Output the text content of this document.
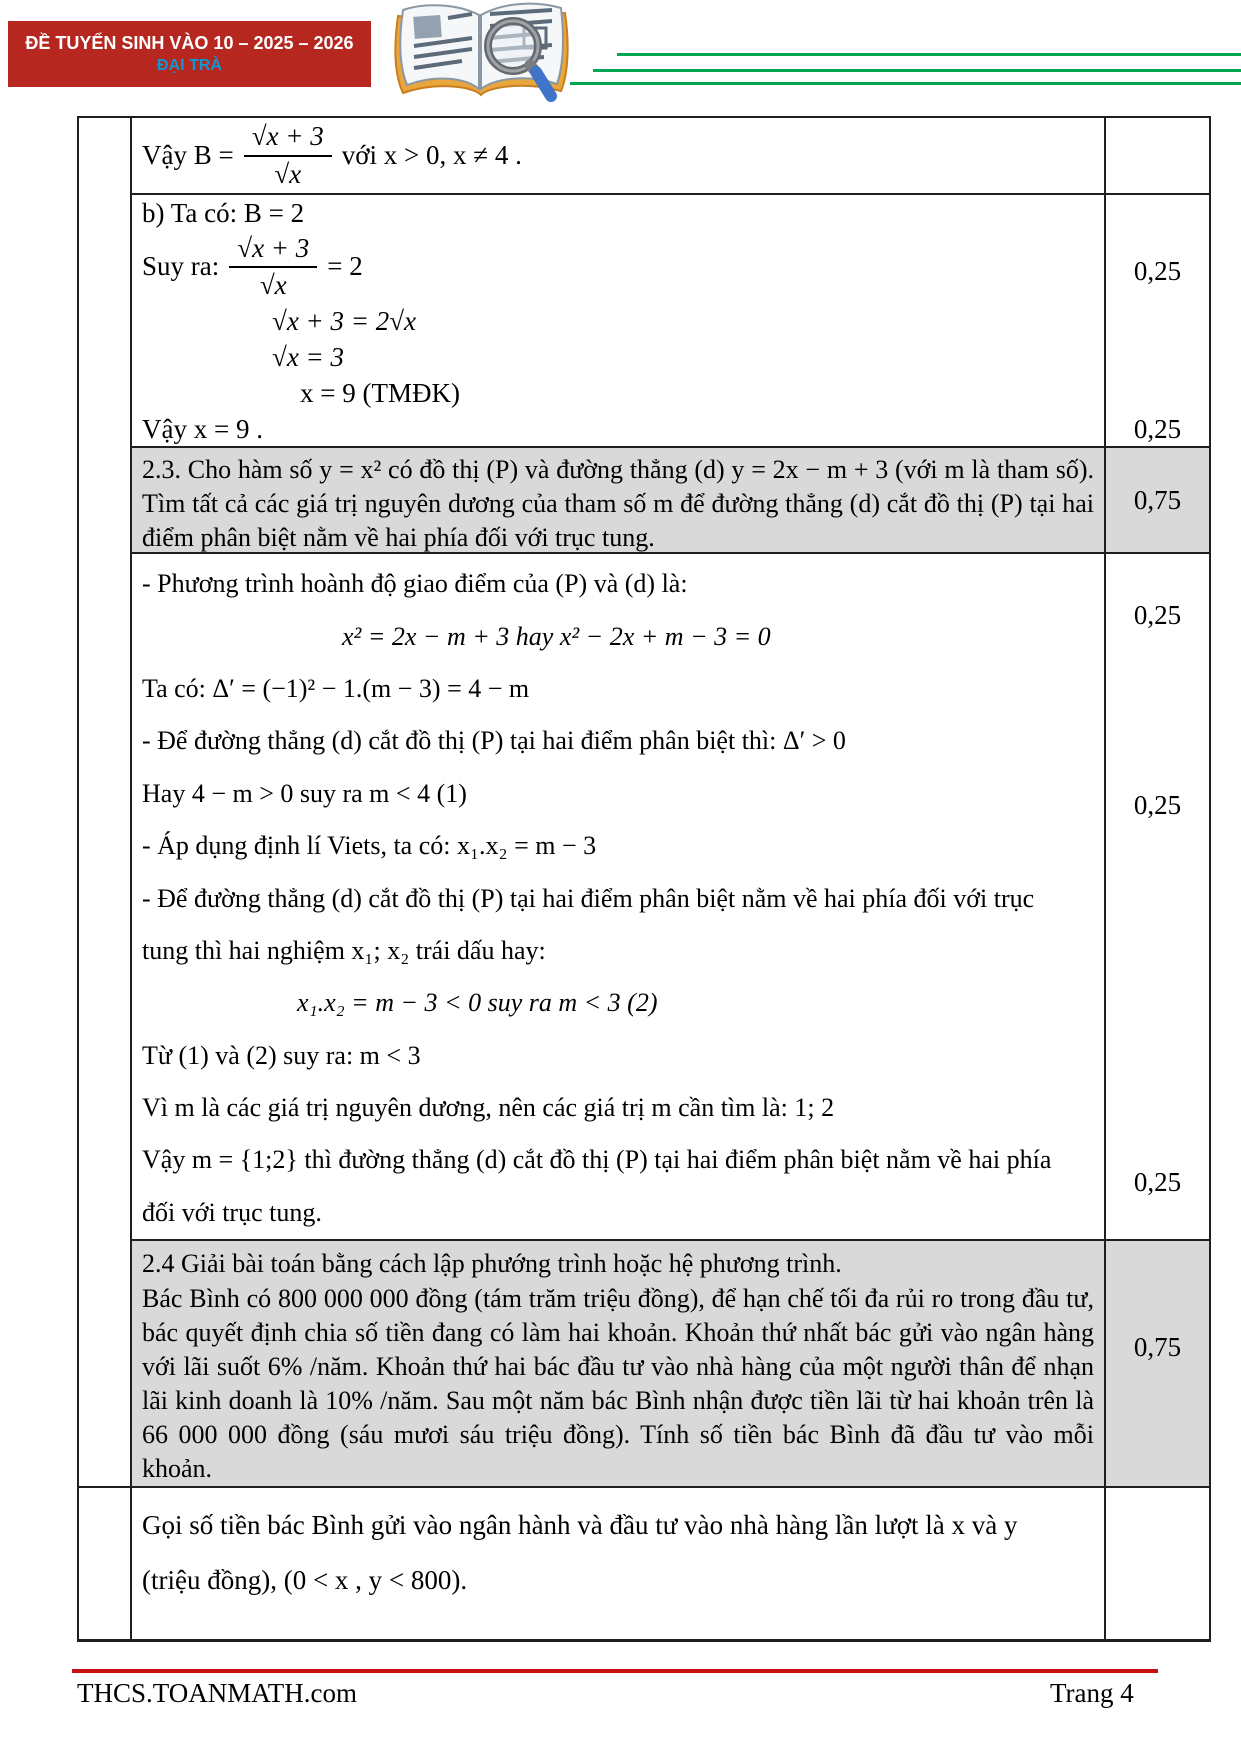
ĐỀ TUYỂN SINH VÀO 10 – 2025 – 2026
ĐẠI TRÀ
Vậy $B = \frac{√x + 3}{√x}$ với x > 0, x ≠ 4 .
b) Ta có: B = 2
Suy ra: $\frac{√x + 3}{√x} = 2$
√x + 3 = 2√x
√x = 3
x = 9 (TMĐK)
Vậy x = 9 .
0,25
0,25
2.3. Cho hàm số y = x² có đồ thị (P) và đường thẳng (d) y = 2x − m + 3 (với m là tham số). Tìm tất cả các giá trị nguyên dương của tham số m để đường thẳng (d) cắt đồ thị (P) tại hai điểm phân biệt nằm về hai phía đối với trục tung.
0,75
- Phương trình hoành độ giao điểm của (P) và (d) là:
x² = 2x − m + 3 hay x² − 2x + m − 3 = 0
Ta có: Δ′ = (−1)² − 1.(m − 3) = 4 − m
- Để đường thẳng (d) cắt đồ thị (P) tại hai điểm phân biệt thì: Δ′ > 0
Hay 4 − m > 0 suy ra m < 4 (1)
- Áp dụng định lí Viets, ta có: x₁.x₂ = m − 3
- Để đường thẳng (d) cắt đồ thị (P) tại hai điểm phân biệt nằm về hai phía đối với trục
tung thì hai nghiệm x₁; x₂ trái dấu hay:
x₁.x₂ = m − 3 < 0 suy ra m < 3 (2)
Từ (1) và (2) suy ra: m < 3
Vì m là các giá trị nguyên dương, nên các giá trị m cần tìm là: 1; 2
Vậy m = {1;2} thì đường thẳng (d) cắt đồ thị (P) tại hai điểm phân biệt nằm về hai phía
đối với trục tung.
0,25
0,25
0,25
2.4 Giải bài toán bằng cách lập phướng trình hoặc hệ phương trình.
Bác Bình có 800 000 000 đồng (tám trăm triệu đồng), để hạn chế tối đa rủi ro trong đầu tư, bác quyết định chia số tiền đang có làm hai khoản. Khoản thứ nhất bác gửi vào ngân hàng với lãi suốt 6% /năm. Khoản thứ hai bác đầu tư vào nhà hàng của một người thân để nhạn lãi kinh doanh là 10% /năm. Sau một năm bác Bình nhận được tiền lãi từ hai khoản trên là 66 000 000 đồng (sáu mươi sáu triệu đồng). Tính số tiền bác Bình đã đầu tư vào mỗi khoản.
0,75
Gọi số tiền bác Bình gửi vào ngân hành và đầu tư vào nhà hàng lần lượt là x và y
(triệu đồng), (0 < x , y < 800).
THCS.TOANMATH.com	Trang 4
